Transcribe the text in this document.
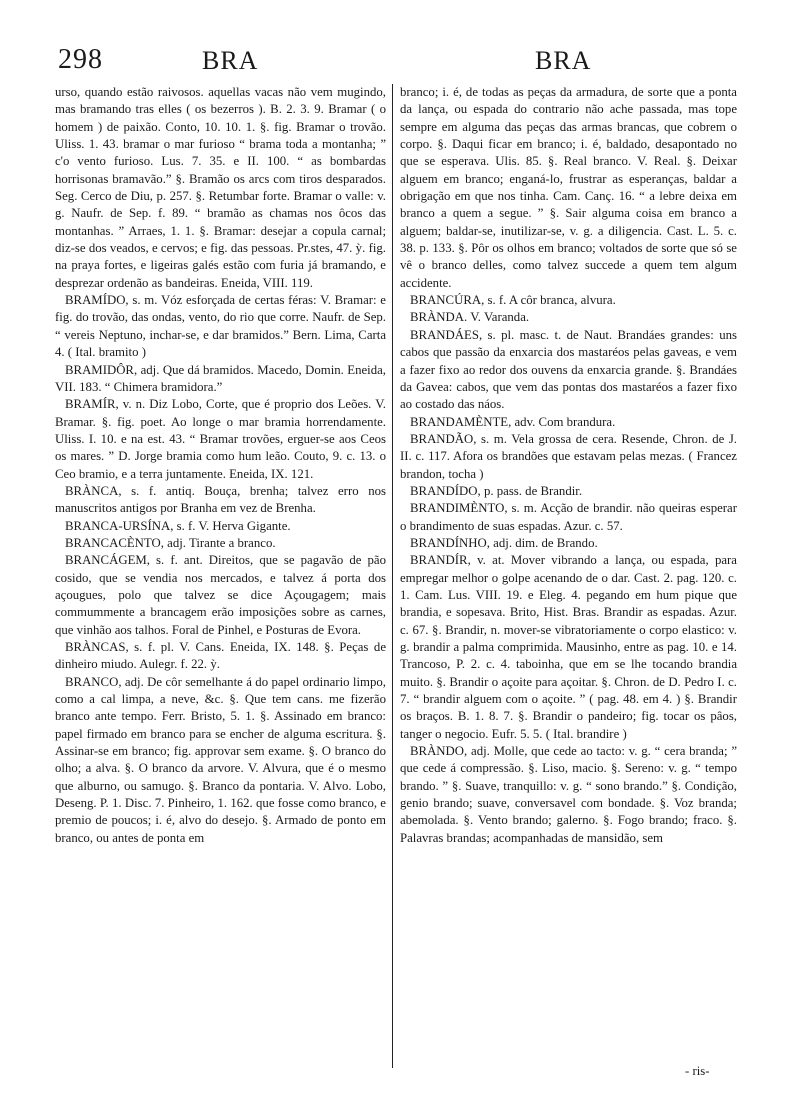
298	BRA	BRA

urso, quando estão raivosos. aquellas vacas não vem mugindo, mas bramando tras elles ( os bezerros ). B. 2. 3. 9. Bramar ( o homem ) de paixão. Conto, 10. 10. 1. §. fig. Bramar o trovão. Uliss. 1. 43. bramar o mar furioso “ brama toda a montanha; ” c'o vento furioso. Lus. 7. 35. e II. 100. “ as bombardas horrisonas bramavão.” §. Bramão os arcs com tiros desparados. Seg. Cerco de Diu, p. 257. §. Retumbar forte. Bramar o valle: v. g. Naufr. de Sep. f. 89. “ bramão as chamas nos ôcos das montanhas. ” Arraes, 1. 1. §. Bramar: desejar a copula carnal; diz-se dos veados, e cervos; e fig. das pessoas. Pr.stes, 47. ỳ. fig. na praya fortes, e ligeiras galés estão com furia já bramando, e desprezar ordenão as bandeiras. Eneida, VIII. 119.

BRAMÍDO, s. m. Vóz esforçada de certas féras: V. Bramar: e fig. do trovão, das ondas, vento, do rio que corre. Naufr. de Sep. “ vereis Neptuno, inchar-se, e dar bramidos.” Bern. Lima, Carta 4. ( Ital. bramito )

BRAMIDÔR, adj. Que dá bramidos. Macedo, Domin. Eneida, VII. 183. “ Chimera bramidora.”

BRAMÍR, v. n. Diz Lobo, Corte, que é proprio dos Leões. V. Bramar. §. fig. poet. Ao longe o mar bramia horrendamente. Uliss. I. 10. e na est. 43. “ Bramar trovões, erguer-se aos Ceos os mares. ” D. Jorge bramia como hum leão. Couto, 9. c. 13. o Ceo bramio, e a terra juntamente. Eneida, IX. 121.

BRÀNCA, s. f. antiq. Bouça, brenha; talvez erro nos manuscritos antigos por Branha em vez de Brenha.

BRANCA-URSÍNA, s. f. V. Herva Gigante.

BRANCACÈNTO, adj. Tirante a branco.

BRANCÁGEM, s. f. ant. Direitos, que se pagavão de pão cosido, que se vendia nos mercados, e talvez á porta dos açougues, polo que talvez se dice Açougagem; mais commummente a brancagem erão imposições sobre as carnes, que vinhão aos talhos. Foral de Pinhel, e Posturas de Evora.

BRÀNCAS, s. f. pl. V. Cans. Eneida, IX. 148. §. Peças de dinheiro miudo. Aulegr. f. 22. ỳ.

BRANCO, adj. De côr semelhante á do papel ordinario limpo, como a cal limpa, a neve, &c. §. Que tem cans. me fizerão branco ante tempo. Ferr. Bristo, 5. 1. §. Assinado em branco: papel firmado em branco para se encher de alguma escritura. §. Assinar-se em branco; fig. approvar sem exame. §. O branco do olho; a alva. §. O branco da arvore. V. Alvura, que é o mesmo que alburno, ou samugo. §. Branco da pontaria. V. Alvo. Lobo, Deseng. P. 1. Disc. 7. Pinheiro, 1. 162. que fosse como branco, e premio de poucos; i. é, alvo do desejo. §. Armado de ponto em branco, ou antes de ponta em

branco; i. é, de todas as peças da armadura, de sorte que a ponta da lança, ou espada do contrario não ache passada, mas tope sempre em alguma das peças das armas brancas, que cobrem o corpo. §. Daqui ficar em branco; i. é, baldado, desapontado no que se esperava. Ulis. 85. §. Real branco. V. Real. §. Deixar alguem em branco; enganá-lo, frustrar as esperanças, baldar a obrigação em que nos tinha. Cam. Canç. 16. “ a lebre deixa em branco a quem a segue. ” §. Sair alguma coisa em branco a alguem; baldar-se, inutilizar-se, v. g. a diligencia. Cast. L. 5. c. 38. p. 133. §. Pôr os olhos em branco; voltados de sorte que só se vê o branco delles, como talvez succede a quem tem algum accidente.

BRANCÚRA, s. f. A côr branca, alvura.

BRÀNDA. V. Varanda.

BRANDÁES, s. pl. masc. t. de Naut. Brandáes grandes: uns cabos que passão da enxarcia dos mastaréos pelas gaveas, e vem a fazer fixo ao redor dos ouvens da enxarcia grande. §. Brandáes da Gavea: cabos, que vem das pontas dos mastaréos a fazer fixo ao costado das náos.

BRANDAMÈNTE, adv. Com brandura.

BRANDÃO, s. m. Vela grossa de cera. Resende, Chron. de J. II. c. 117. Afora os brandões que estavam pelas mezas. ( Francez brandon, tocha )

BRANDÍDO, p. pass. de Brandir.

BRANDIMÈNTO, s. m. Acção de brandir. não queiras esperar o brandimento de suas espadas. Azur. c. 57.

BRANDÍNHO, adj. dim. de Brando.

BRANDÍR, v. at. Mover vibrando a lança, ou espada, para empregar melhor o golpe acenando de o dar. Cast. 2. pag. 120. c. 1. Cam. Lus. VIII. 19. e Eleg. 4. pegando em hum pique que brandia, e sopesava. Brito, Hist. Bras. Brandir as espadas. Azur. c. 67. §. Brandir, n. mover-se vibratoriamente o corpo elastico: v. g. brandir a palma comprimida. Mausinho, entre as pag. 10. e 14. Trancoso, P. 2. c. 4. taboinha, que em se lhe tocando brandia muito. §. Brandir o açoite para açoitar. §. Chron. de D. Pedro I. c. 7. “ brandir alguem com o açoite. ” ( pag. 48. em 4. ) §. Brandir os braços. B. 1. 8. 7. §. Brandir o pandeiro; fig. tocar os pâos, tanger o negocio. Eufr. 5. 5. ( Ital. brandire )

BRÀNDO, adj. Molle, que cede ao tacto: v. g. “ cera branda; ” que cede á compressão. §. Liso, macio. §. Sereno: v. g. “ tempo brando. ” §. Suave, tranquillo: v. g. “ sono brando.” §. Condição, genio brando; suave, conversavel com bondade. §. Voz branda; abemolada. §. Vento brando; galerno. §. Fogo brando; fraco. §. Palavras brandas; acompanhadas de mansidão, sem

- ris-
